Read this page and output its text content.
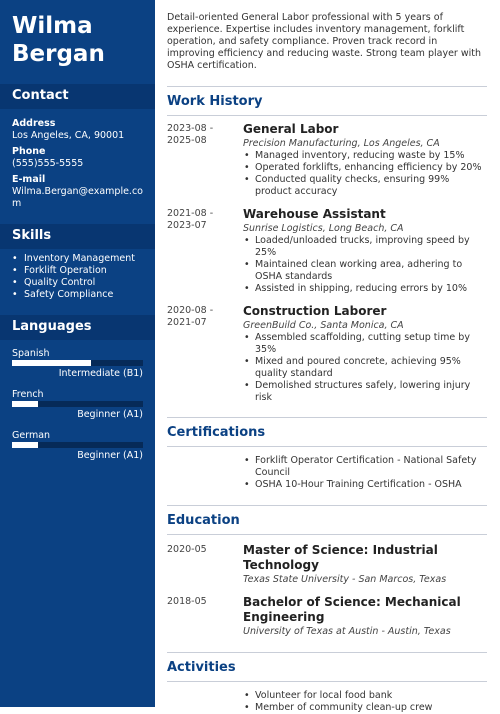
Wilma
Bergan
Contact
Address
Los Angeles, CA, 90001
Phone
(555)555-5555
E-mail
Wilma.Bergan@example.com
Skills
• Inventory Management
• Forklift Operation
• Quality Control
• Safety Compliance
Languages
Spanish
Intermediate (B1)
French
Beginner (A1)
German
Beginner (A1)

Detail-oriented General Labor professional with 5 years of experience. Expertise includes inventory management, forklift operation, and safety compliance. Proven track record in improving efficiency and reducing waste. Strong team player with OSHA certification.

Work History
2023-08 -
2025-08
General Labor
Precision Manufacturing, Los Angeles, CA
• Managed inventory, reducing waste by 15%
• Operated forklifts, enhancing efficiency by 20%
• Conducted quality checks, ensuring 99% product accuracy
2021-08 -
2023-07
Warehouse Assistant
Sunrise Logistics, Long Beach, CA
• Loaded/unloaded trucks, improving speed by 25%
• Maintained clean working area, adhering to OSHA standards
• Assisted in shipping, reducing errors by 10%
2020-08 -
2021-07
Construction Laborer
GreenBuild Co., Santa Monica, CA
• Assembled scaffolding, cutting setup time by 35%
• Mixed and poured concrete, achieving 95% quality standard
• Demolished structures safely, lowering injury risk
Certifications
• Forklift Operator Certification - National Safety Council
• OSHA 10-Hour Training Certification - OSHA
Education
2020-05	Master of Science: Industrial Technology
Texas State University - San Marcos, Texas
2018-05	Bachelor of Science: Mechanical Engineering
University of Texas at Austin - Austin, Texas
Activities
• Volunteer for local food bank
• Member of community clean-up crew
